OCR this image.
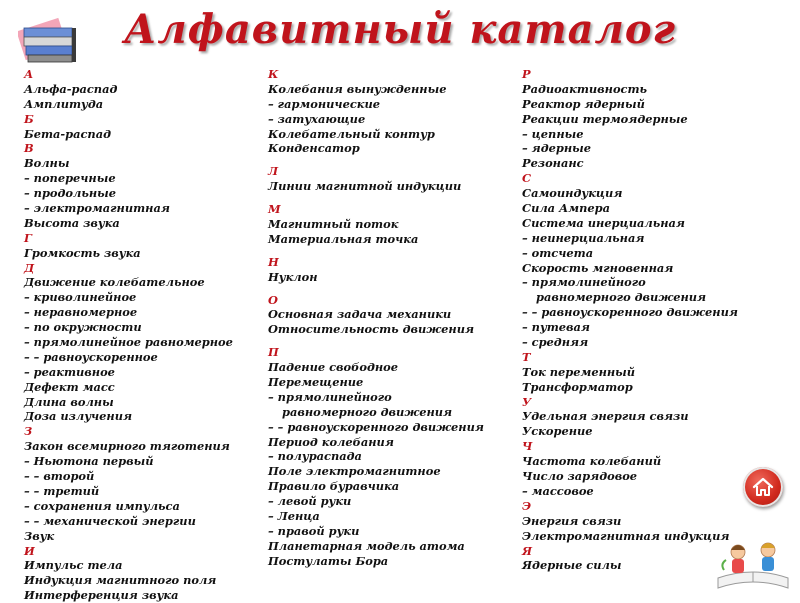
Алфавитный каталог
А
Альфа-распад
Амплитуда
Б
Бета-распад
В
Волны
– поперечные
– продольные
– электромагнитная
Высота звука
Г
Громкость звука
Д
Движение колебательное
– криволинейное
– неравномерное
– по окружности
– прямолинейное равномерное
– – равноускоренное
– реактивное
Дефект масс
Длина волны
Доза излучения
З
Закон всемирного тяготения
– Ньютона первый
– – второй
– – третий
– сохранения импульса
– – механической энергии
Звук
И
Импульс тела
Индукция магнитного поля
Интерференция звука
К
Колебания вынужденные
– гармонические
– затухающие
Колебательный контур
Конденсатор
Л
Линии магнитной индукции
М
Магнитный поток
Материальная точка
Н
Нуклон
О
Основная задача механики
Относительность движения
П
Падение свободное
Перемещение
– прямолинейного
равномерного движения
– – равноускоренного движения
Период колебания
– полураспада
Поле электромагнитное
Правило буравчика
– левой руки
– Ленца
– правой руки
Планетарная модель атома
Постулаты Бора
Р
Радиоактивность
Реактор ядерный
Реакции термоядерные
– цепные
– ядерные
Резонанс
С
Самоиндукция
Сила Ампера
Система инерциальная
– неинерциальная
– отсчета
Скорость мгновенная
– прямолинейного
равномерного движения
– – равноускоренного движения
– путевая
– средняя
Т
Ток переменный
Трансформатор
У
Удельная энергия связи
Ускорение
Ч
Частота колебаний
Число зарядовое
– массовое
Э
Энергия связи
Электромагнитная индукция
Я
Ядерные силы
